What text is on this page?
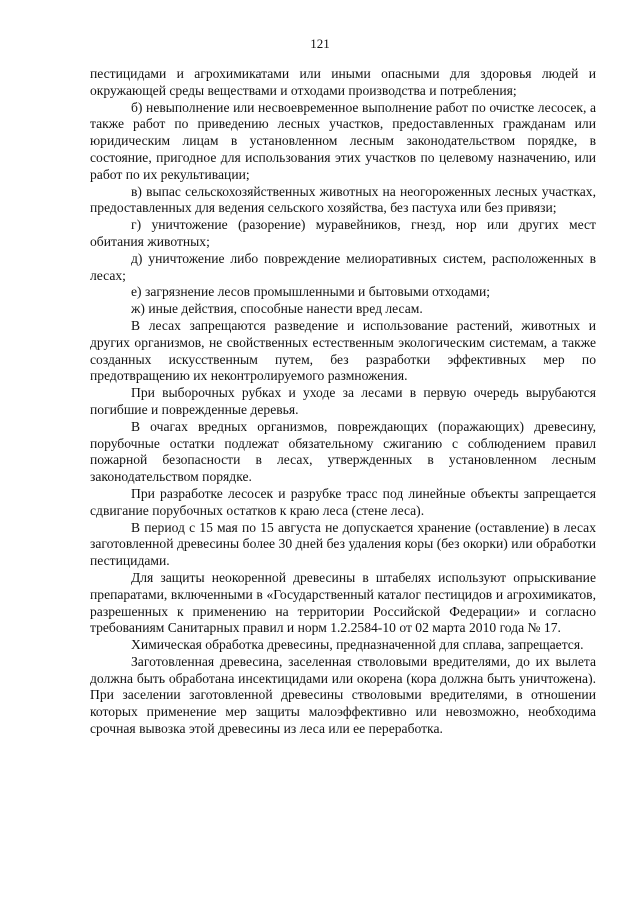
121

пестицидами и агрохимикатами или иными опасными для здоровья людей и окружающей среды веществами и отходами производства и потребления;

б) невыполнение или несвоевременное выполнение работ по очистке лесосек, а также работ по приведению лесных участков, предоставленных гражданам или юридическим лицам в установленном лесным законодательством порядке, в состояние, пригодное для использования этих участков по целевому назначению, или работ по их рекультивации;

в) выпас сельскохозяйственных животных на неогороженных лесных участках, предоставленных для ведения сельского хозяйства, без пастуха или без привязи;

г) уничтожение (разорение) муравейников, гнезд, нор или других мест обитания животных;

д) уничтожение либо повреждение мелиоративных систем, расположенных в лесах;

е) загрязнение лесов промышленными и бытовыми отходами;

ж) иные действия, способные нанести вред лесам.

В лесах запрещаются разведение и использование растений, животных и других организмов, не свойственных естественным экологическим системам, а также созданных искусственным путем, без разработки эффективных мер по предотвращению их неконтролируемого размножения.

При выборочных рубках и уходе за лесами в первую очередь вырубаются погибшие и поврежденные деревья.

В очагах вредных организмов, повреждающих (поражающих) древесину, порубочные остатки подлежат обязательному сжиганию с соблюдением правил пожарной безопасности в лесах, утвержденных в установленном лесным законодательством порядке.

При разработке лесосек и разрубке трасс под линейные объекты запрещается сдвигание порубочных остатков к краю леса (стене леса).

В период с 15 мая по 15 августа не допускается хранение (оставление) в лесах заготовленной древесины более 30 дней без удаления коры (без окорки) или обработки пестицидами.

Для защиты неокоренной древесины в штабелях используют опрыскивание препаратами, включенными в «Государственный каталог пестицидов и агрохимикатов, разрешенных к применению на территории Российской Федерации» и согласно требованиям Санитарных правил и норм 1.2.2584-10 от 02 марта 2010 года № 17.

Химическая обработка древесины, предназначенной для сплава, запрещается.

Заготовленная древесина, заселенная стволовыми вредителями, до их вылета должна быть обработана инсектицидами или окорена (кора должна быть уничтожена). При заселении заготовленной древесины стволовыми вредителями, в отношении которых применение мер защиты малоэффективно или невозможно, необходима срочная вывозка этой древесины из леса или ее переработка.
